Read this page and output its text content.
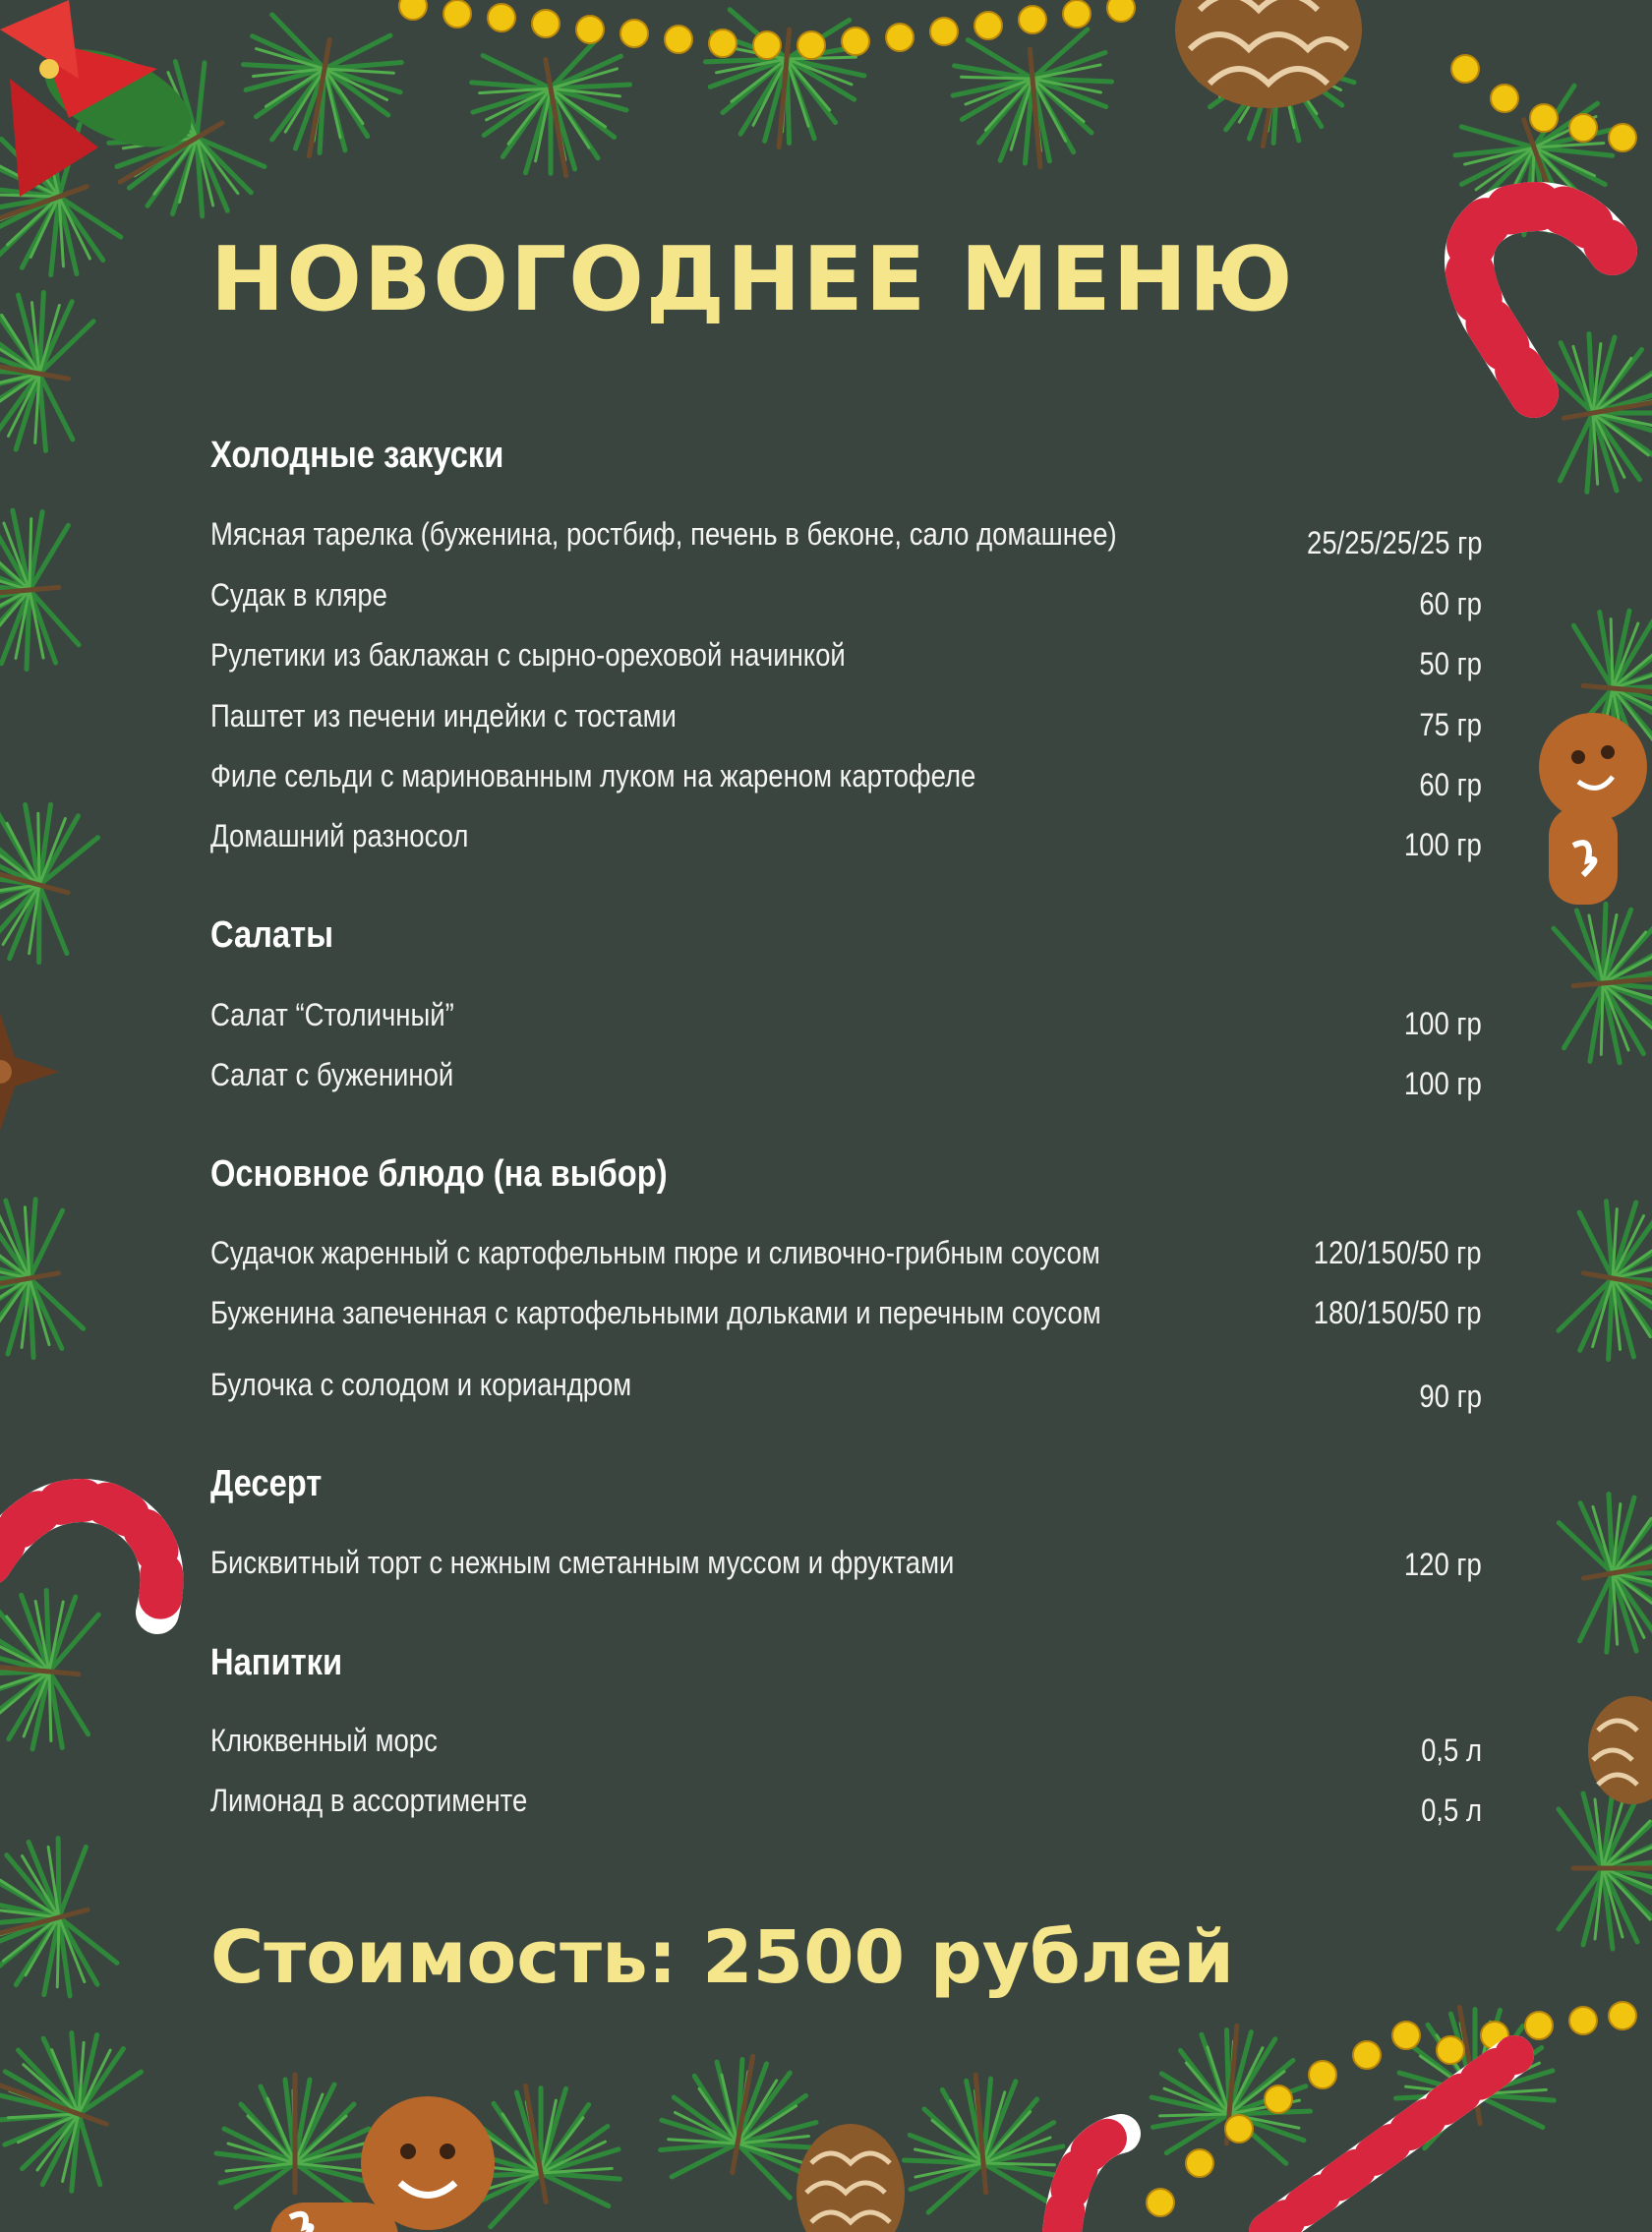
НОВОГОДНЕЕ МЕНЮ
Холодные закуски
Мясная тарелка (буженина, ростбиф, печень в беконе, сало домашнее)	25/25/25/25 гр
Судак в кляре	60 гр
Рулетики из баклажан с сырно-ореховой начинкой	50 гр
Паштет из печени индейки с тостами	75 гр
Филе сельди с маринованным луком на жареном картофеле	60 гр
Домашний разносол	100 гр
Салаты
Салат “Столичный”	100 гр
Салат с бужениной	100 гр
Основное блюдо (на выбор)
Судачок жаренный с картофельным пюре и сливочно-грибным соусом	120/150/50 гр
Буженина запеченная с картофельными дольками и перечным соусом	180/150/50 гр
Булочка с солодом и кориандром	90 гр
Десерт
Бисквитный торт с нежным сметанным муссом и фруктами	120 гр
Напитки
Клюквенный морс	0,5 л
Лимонад в ассортименте	0,5 л
Стоимость: 2500 рублей
